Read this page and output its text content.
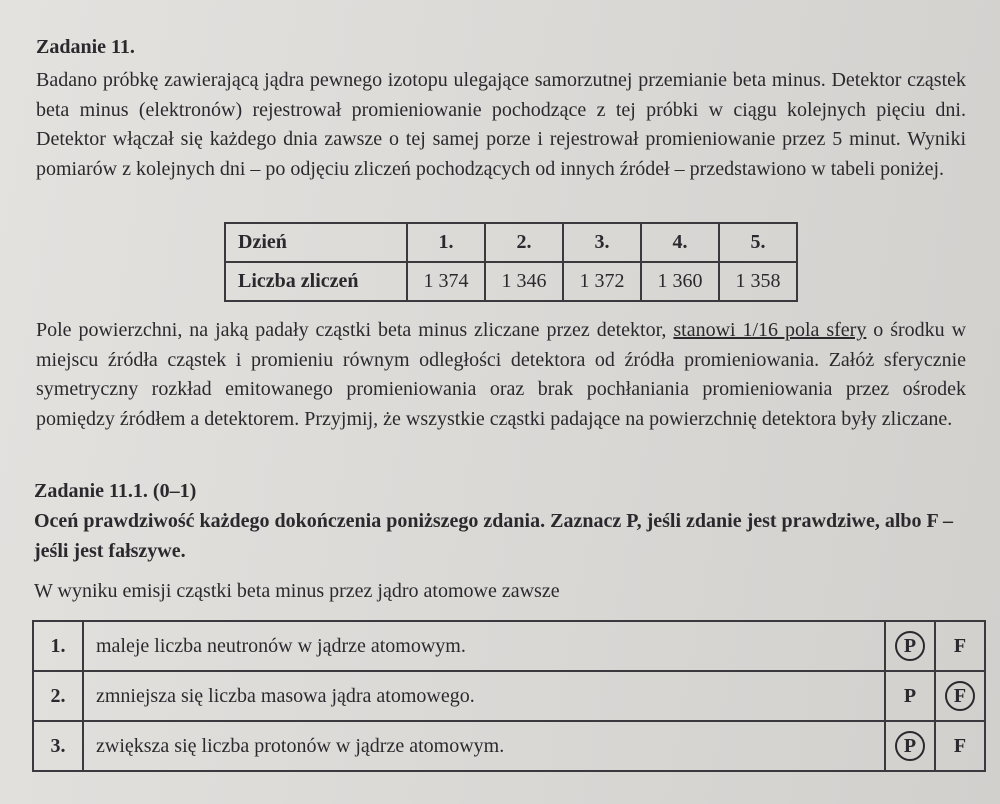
Zadanie 11.
Badano próbkę zawierającą jądra pewnego izotopu ulegające samorzutnej przemianie beta minus. Detektor cząstek beta minus (elektronów) rejestrował promieniowanie pochodzące z tej próbki w ciągu kolejnych pięciu dni. Detektor włączał się każdego dnia zawsze o tej samej porze i rejestrował promieniowanie przez 5 minut. Wyniki pomiarów z kolejnych dni – po odjęciu zliczeń pochodzących od innych źródeł – przedstawiono w tabeli poniżej.
Dzień	1.	2.	3.	4.	5.
Liczba zliczeń	1 374	1 346	1 372	1 360	1 358
Pole powierzchni, na jaką padały cząstki beta minus zliczane przez detektor, stanowi 1/16 pola sfery o środku w miejscu źródła cząstek i promieniu równym odległości detektora od źródła promieniowania. Załóż sferycznie symetryczny rozkład emitowanego promieniowania oraz brak pochłaniania promieniowania przez ośrodek pomiędzy źródłem a detektorem. Przyjmij, że wszystkie cząstki padające na powierzchnię detektora były zliczane.
Zadanie 11.1. (0–1)
Oceń prawdziwość każdego dokończenia poniższego zdania. Zaznacz P, jeśli zdanie jest prawdziwe, albo F – jeśli jest fałszywe.
W wyniku emisji cząstki beta minus przez jądro atomowe zawsze
1.	maleje liczba neutronów w jądrze atomowym.	P	F
2.	zmniejsza się liczba masowa jądra atomowego.	P	F
3.	zwiększa się liczba protonów w jądrze atomowym.	P	F
